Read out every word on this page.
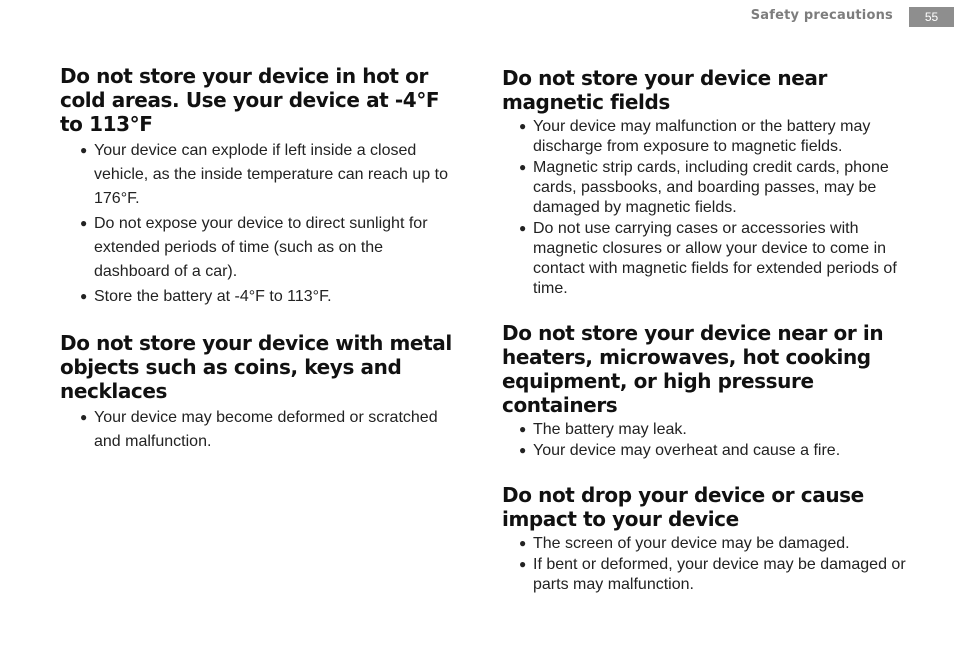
Safety precautions	55
Do not store your device in hot or cold areas. Use your device at -4°F to 113°F
● Your device can explode if left inside a closed vehicle, as the inside temperature can reach up to 176°F.
● Do not expose your device to direct sunlight for extended periods of time (such as on the dashboard of a car).
● Store the battery at -4°F to 113°F.
Do not store your device with metal objects such as coins, keys and necklaces
● Your device may become deformed or scratched and malfunction.
Do not store your device near magnetic fields
● Your device may malfunction or the battery may discharge from exposure to magnetic fields.
● Magnetic strip cards, including credit cards, phone cards, passbooks, and boarding passes, may be damaged by magnetic fields.
● Do not use carrying cases or accessories with magnetic closures or allow your device to come in contact with magnetic fields for extended periods of time.
Do not store your device near or in heaters, microwaves, hot cooking equipment, or high pressure containers
● The battery may leak.
● Your device may overheat and cause a fire.
Do not drop your device or cause impact to your device
● The screen of your device may be damaged.
● If bent or deformed, your device may be damaged or parts may malfunction.
